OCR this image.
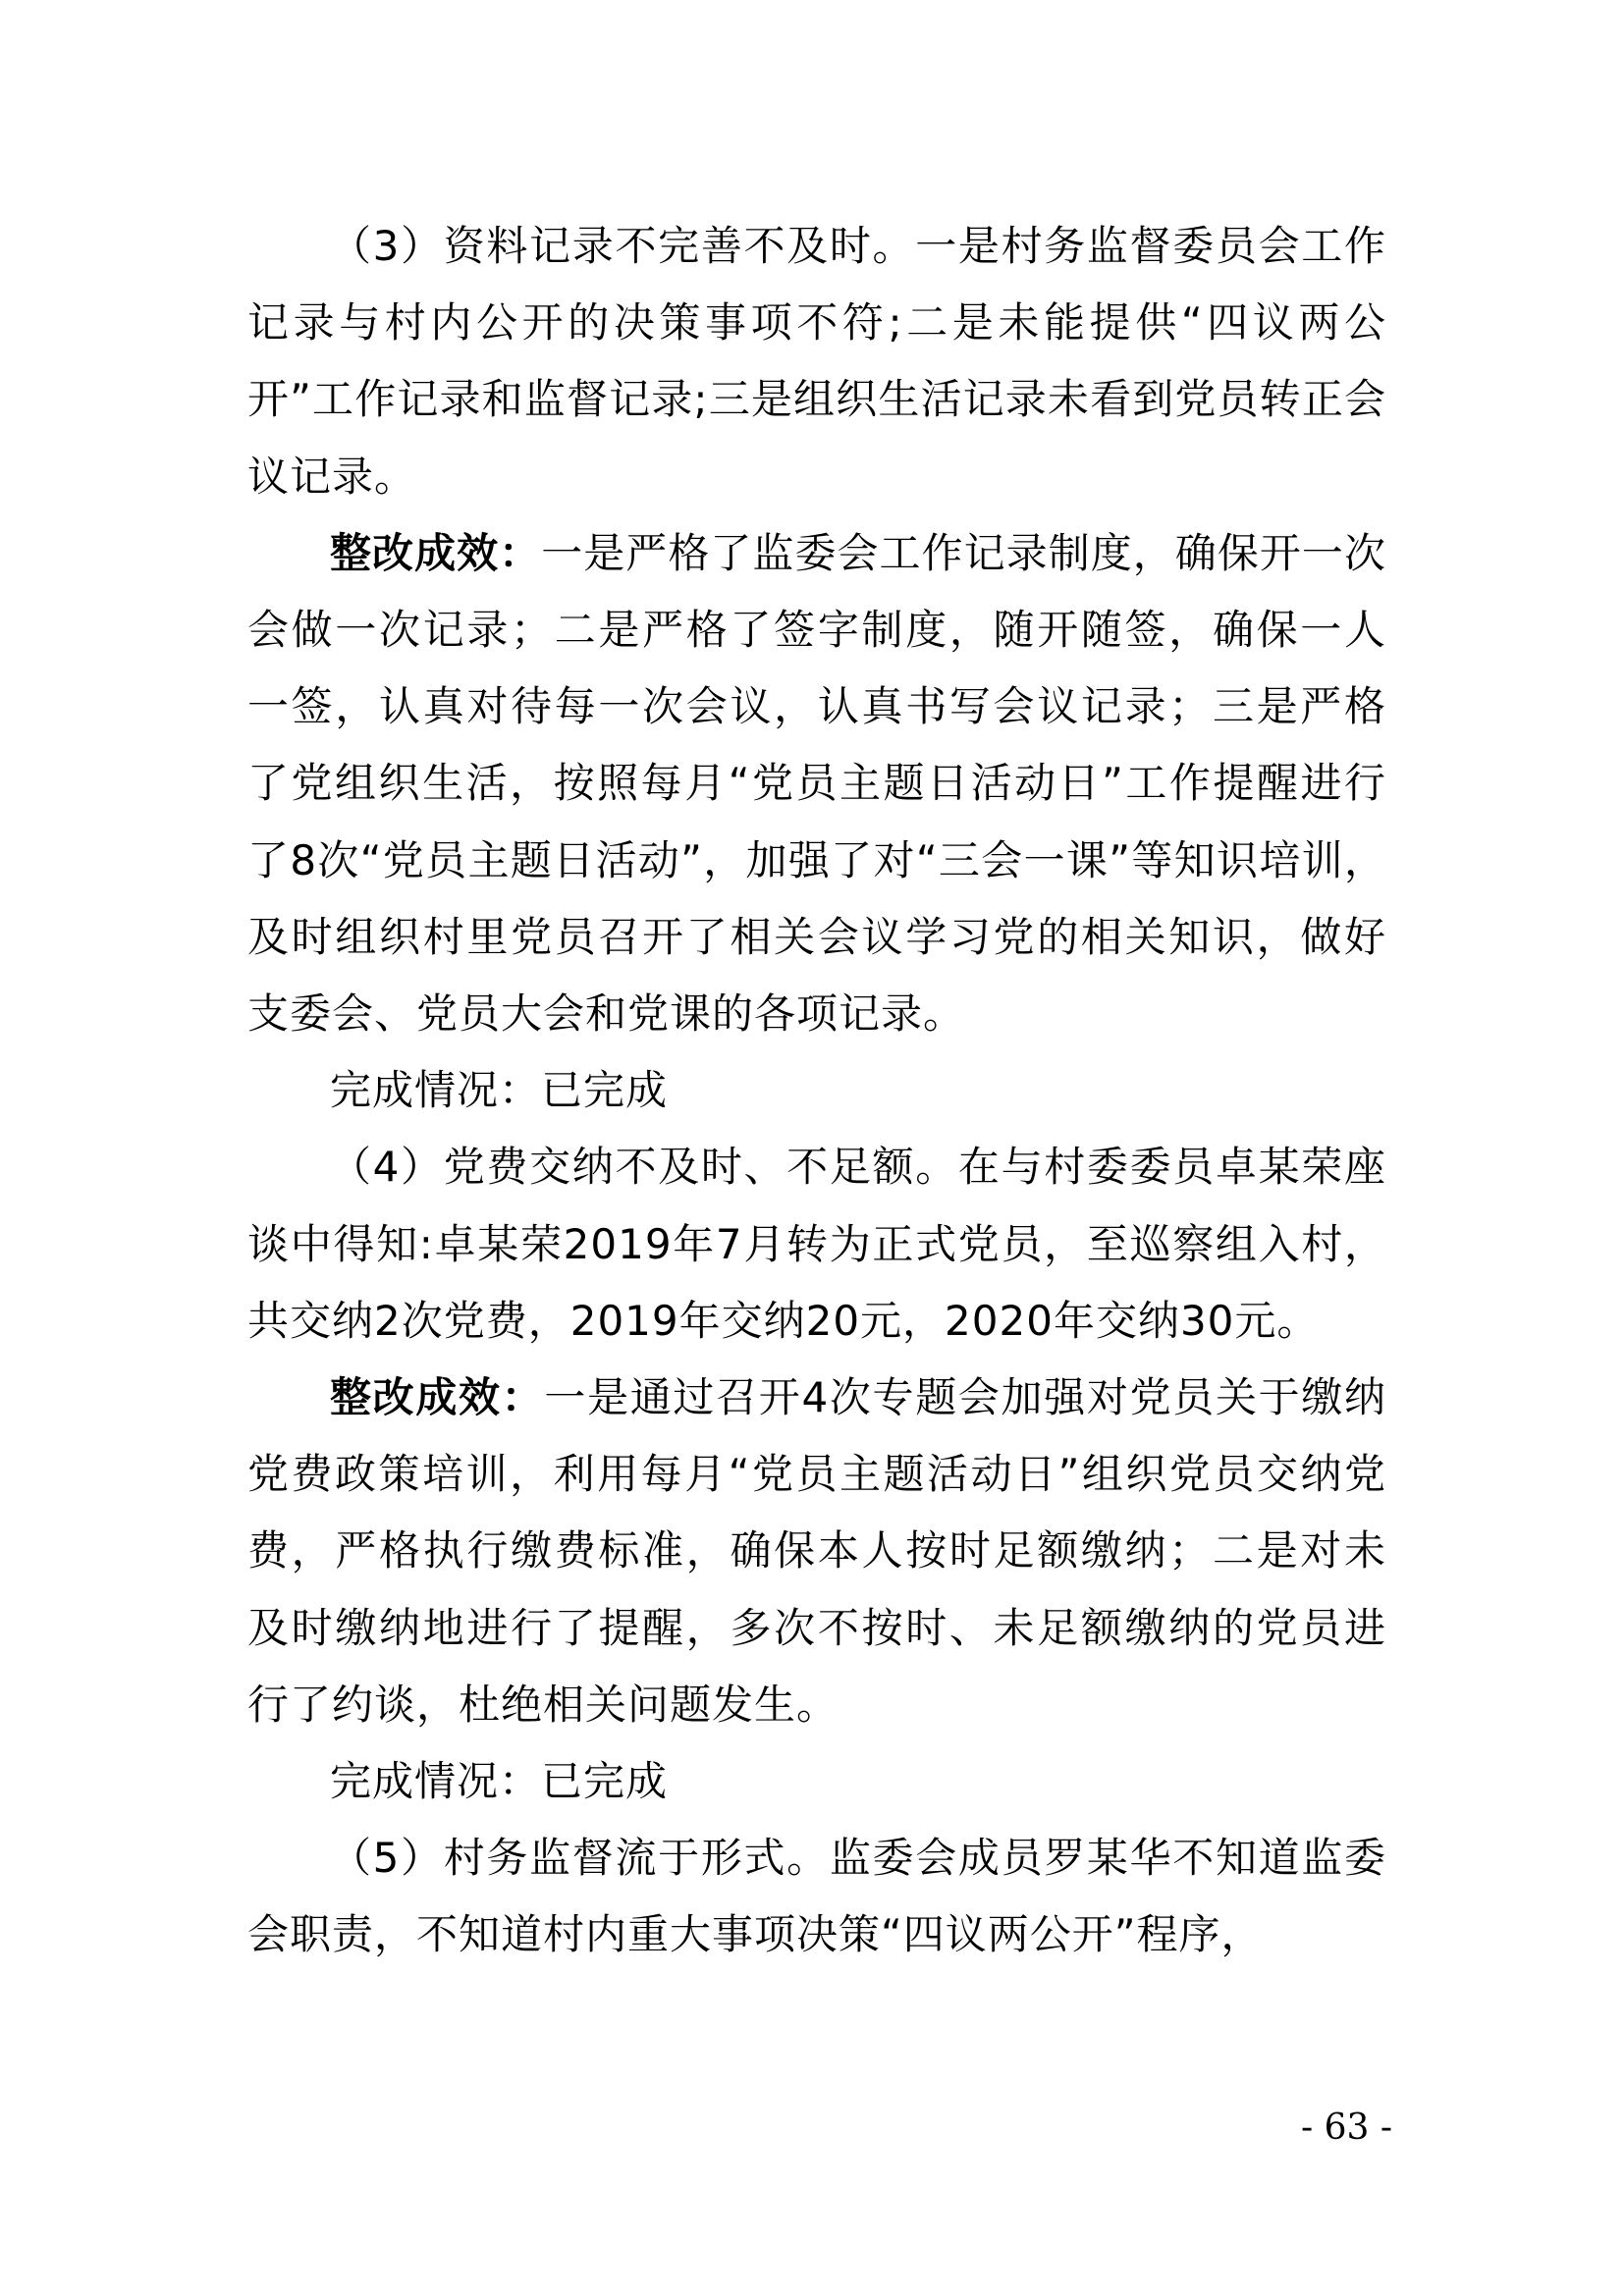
（3）资料记录不完善不及时。一是村务监督委员会工作记录与村内公开的决策事项不符;二是未能提供“四议两公开”工作记录和监督记录;三是组织生活记录未看到党员转正会议记录。

整改成效：一是严格了监委会工作记录制度，确保开一次会做一次记录；二是严格了签字制度，随开随签，确保一人一签，认真对待每一次会议，认真书写会议记录；三是严格了党组织生活，按照每月“党员主题日活动日”工作提醒进行了8次“党员主题日活动”，加强了对“三会一课”等知识培训，及时组织村里党员召开了相关会议学习党的相关知识，做好支委会、党员大会和党课的各项记录。

完成情况：已完成

（4）党费交纳不及时、不足额。在与村委委员卓某荣座谈中得知:卓某荣2019年7月转为正式党员，至巡察组入村，共交纳2次党费，2019年交纳20元，2020年交纳30元。

整改成效：一是通过召开4次专题会加强对党员关于缴纳党费政策培训，利用每月“党员主题活动日”组织党员交纳党费，严格执行缴费标准，确保本人按时足额缴纳；二是对未及时缴纳地进行了提醒，多次不按时、未足额缴纳的党员进行了约谈，杜绝相关问题发生。

完成情况：已完成

（5）村务监督流于形式。监委会成员罗某华不知道监委会职责，不知道村内重大事项决策“四议两公开”程序，

- 63 -
